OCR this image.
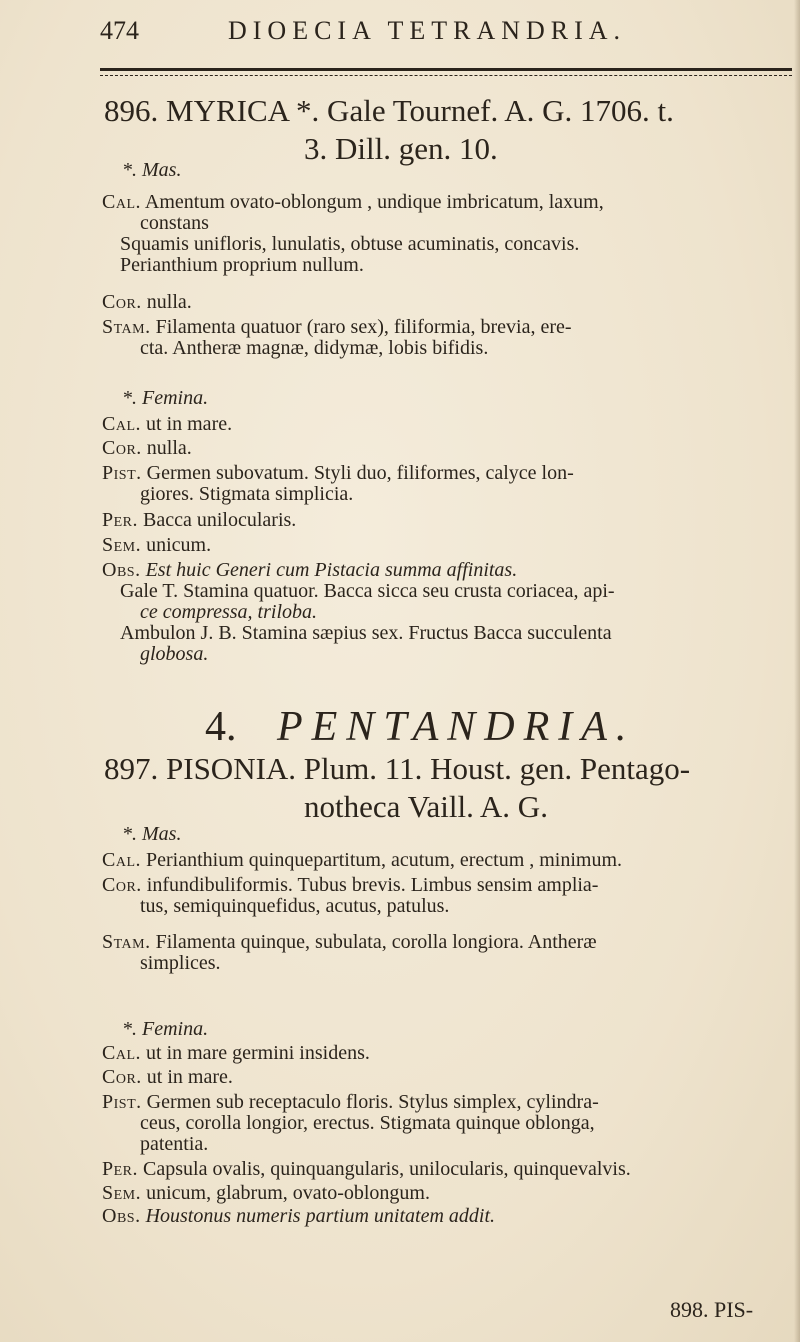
474	DIOECIA TETRANDRIA.
896. MYRICA *. Gale Tournef. A. G. 1706. t.
3. Dill. gen. 10.
*. Mas.
Cal. Amentum ovato-oblongum , undique imbricatum, laxum,
constans
Squamis unifloris, lunulatis, obtuse acuminatis, concavis.
Perianthium proprium nullum.
Cor. nulla.
Stam. Filamenta quatuor (raro sex), filiformia, brevia, ere-
cta. Antheræ magnæ, didymæ, lobis bifidis.
*. Femina.
Cal. ut in mare.
Cor. nulla.
Pist. Germen subovatum. Styli duo, filiformes, calyce lon-
giores. Stigmata simplicia.
Per. Bacca unilocularis.
Sem. unicum.
Obs. Est huic Generi cum Pistacia summa affinitas.
Gale T. Stamina quatuor. Bacca sicca seu crusta coriacea, api-
ce compressa, triloba.
Ambulon J. B. Stamina sæpius sex. Fructus Bacca succulenta
globosa.
4. PENTANDRIA.
897. PISONIA. Plum. 11. Houst. gen. Pentago-
notheca Vaill. A. G.
*. Mas.
Cal. Perianthium quinquepartitum, acutum, erectum , minimum.
Cor. infundibuliformis. Tubus brevis. Limbus sensim amplia-
tus, semiquinquefidus, acutus, patulus.
Stam. Filamenta quinque, subulata, corolla longiora. Antheræ
simplices.
*. Femina.
Cal. ut in mare germini insidens.
Cor. ut in mare.
Pist. Germen sub receptaculo floris. Stylus simplex, cylindra-
ceus, corolla longior, erectus. Stigmata quinque oblonga,
patentia.
Per. Capsula ovalis, quinquangularis, unilocularis, quinquevalvis.
Sem. unicum, glabrum, ovato-oblongum.
Obs. Houstonus numeris partium unitatem addit.
898. PIS-
